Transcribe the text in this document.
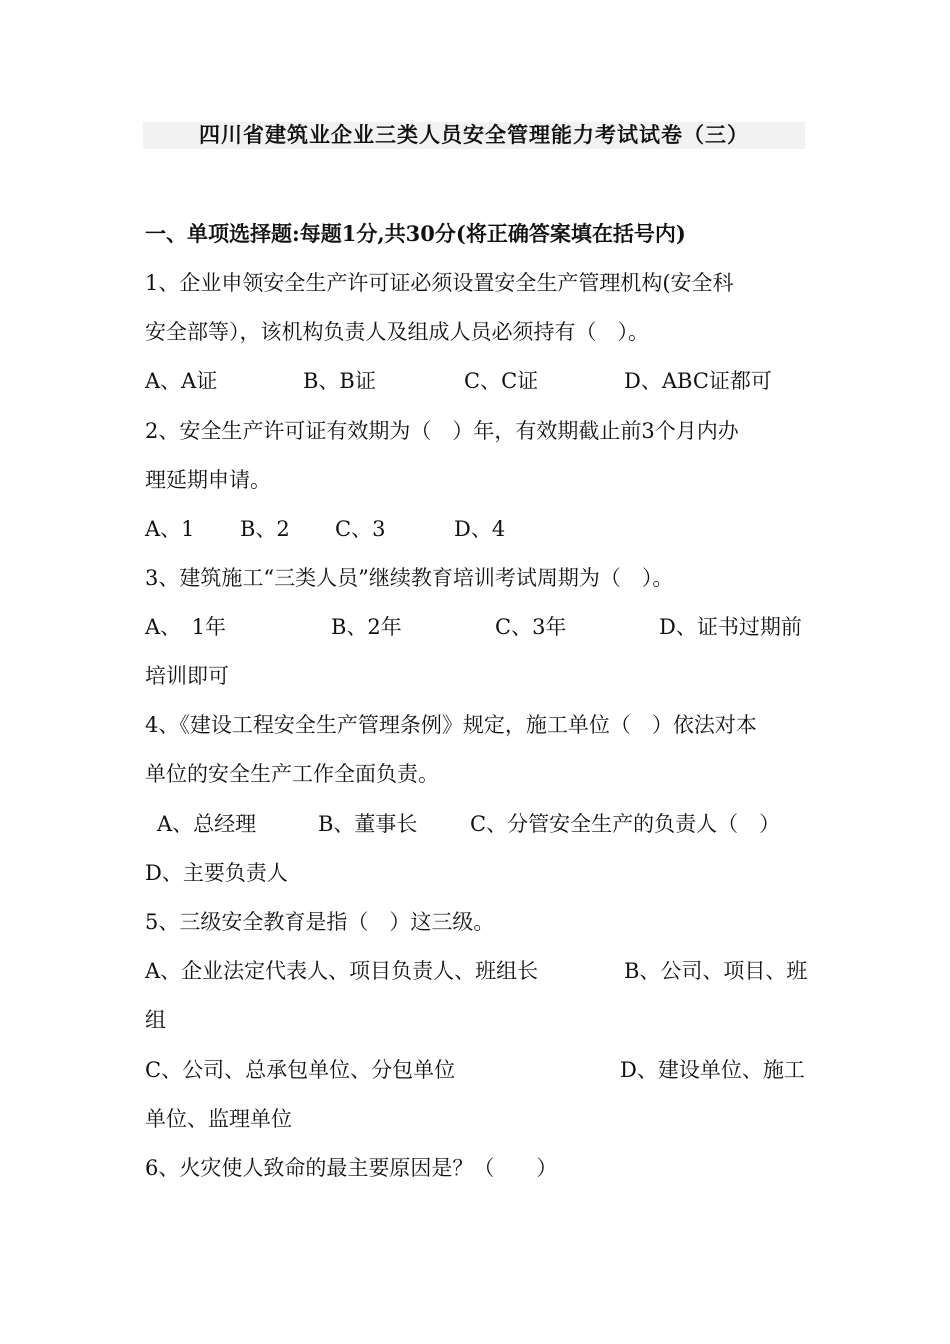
四川省建筑业企业三类人员安全管理能力考试试卷（三）
一、单项选择题:每题1分,共30分(将正确答案填在括号内)
1、企业申领安全生产许可证必须设置安全生产管理机构(安全科
安全部等），该机构负责人及组成人员必须持有（　）。
A、A证	B、B证	C、C证	D、ABC证都可
2、安全生产许可证有效期为（　）年，有效期截止前3个月内办
理延期申请。
A、1 B、2 C、3	D、4
3、建筑施工“三类人员”继续教育培训考试周期为（　）。
A、　1年	B、2年	C、3年	D、证书过期前
培训即可
4、《建设工程安全生产管理条例》规定，施工单位（　）依法对本
单位的安全生产工作全面负责。
A、总经理	B、董事长	C、分管安全生产的负责人（　）
D、主要负责人
5、三级安全教育是指（　）这三级。
A、企业法定代表人、项目负责人、班组长	B、公司、项目、班
组
C、公司、总承包单位、分包单位	D、建设单位、施工
单位、监理单位
6、火灾使人致命的最主要原因是？（　　）
